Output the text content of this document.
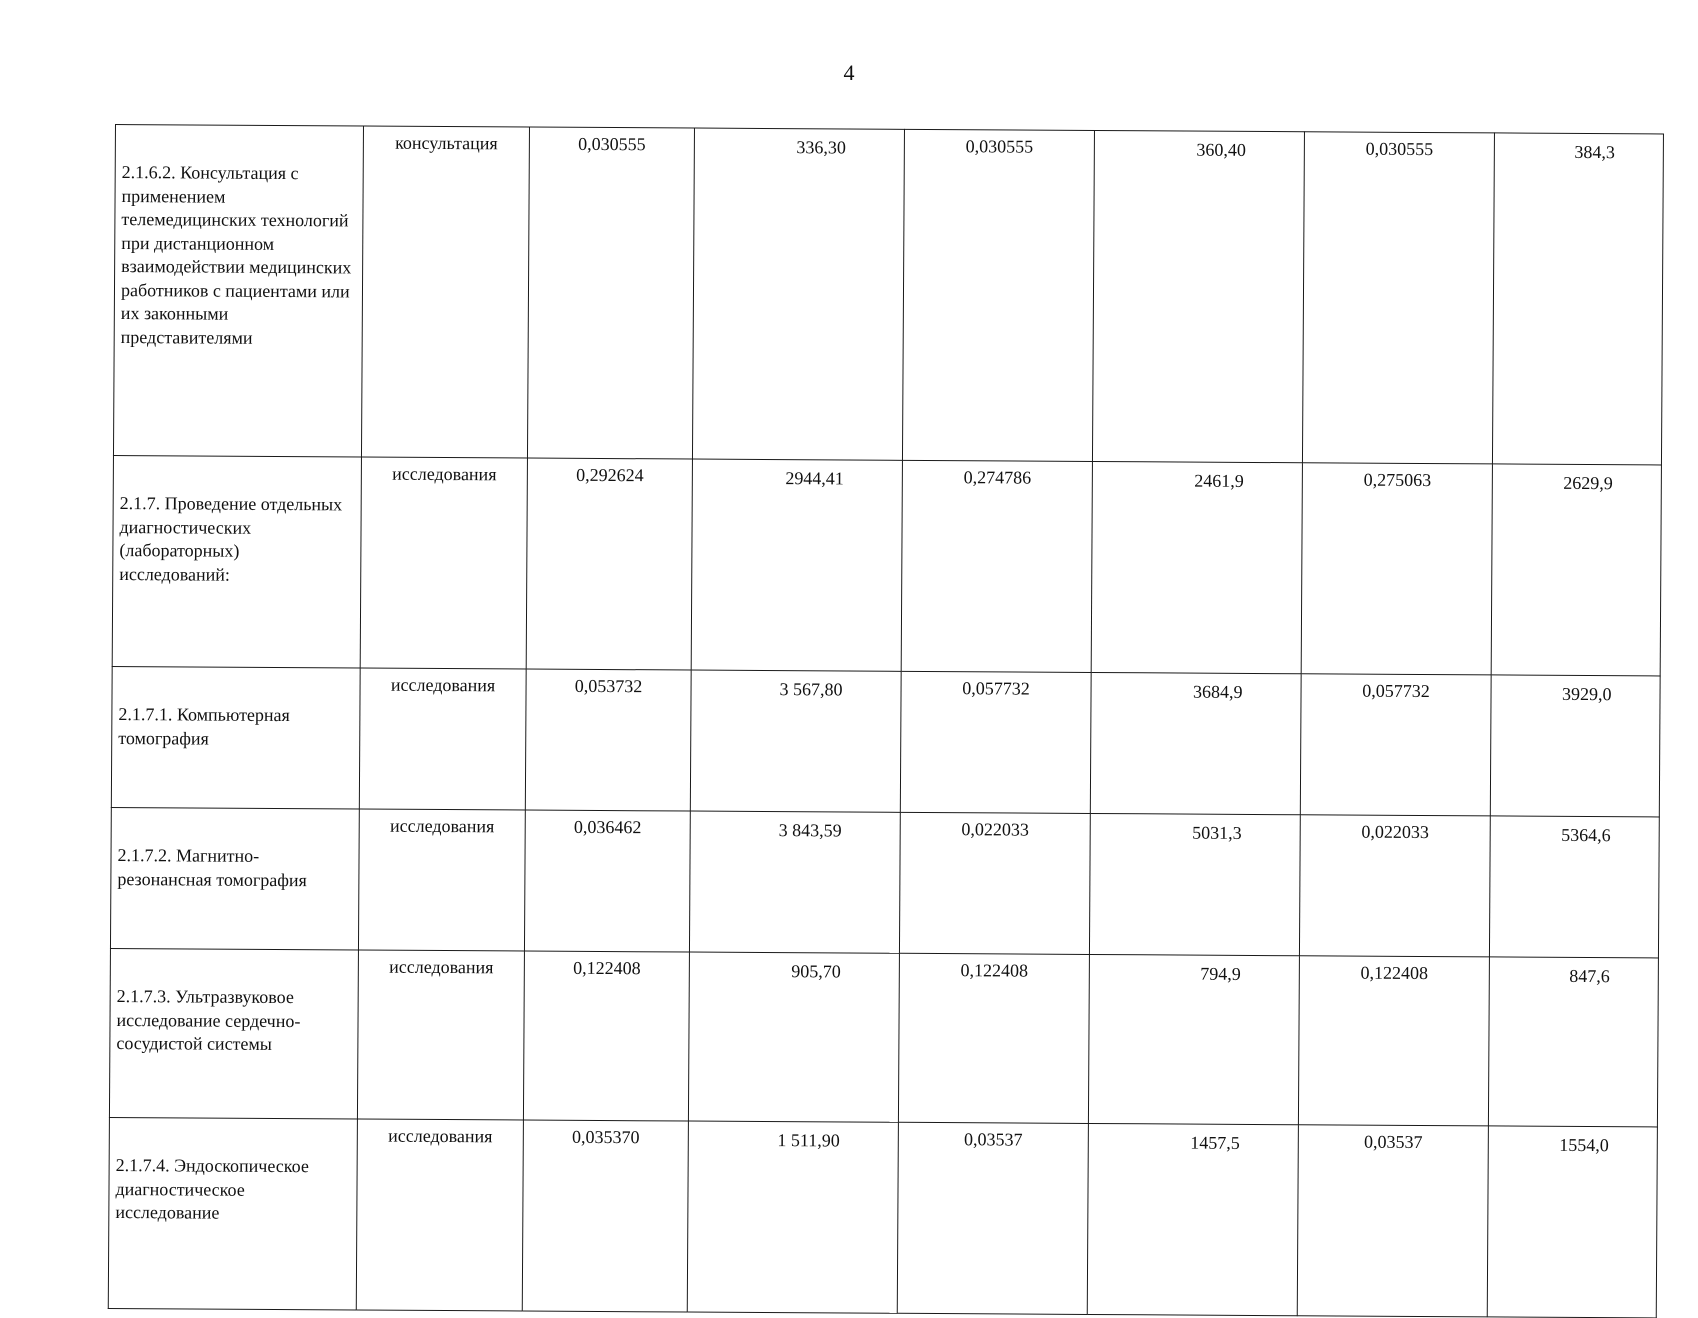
4
2.1.6.2. Консультация с применением телемедицинских технологий при дистанционном взаимодействии медицинских работников с пациентами или их законными представителями	консультация	0,030555	336,30	0,030555	360,40	0,030555	384,3
2.1.7. Проведение отдельных диагностических (лабораторных) исследований:	исследования	0,292624	2944,41	0,274786	2461,9	0,275063	2629,9
2.1.7.1. Компьютерная томография	исследования	0,053732	3 567,80	0,057732	3684,9	0,057732	3929,0
2.1.7.2. Магнитно-резонансная томография	исследования	0,036462	3 843,59	0,022033	5031,3	0,022033	5364,6
2.1.7.3. Ультразвуковое исследование сердечно-сосудистой системы	исследования	0,122408	905,70	0,122408	794,9	0,122408	847,6
2.1.7.4. Эндоскопическое диагностическое исследование	исследования	0,035370	1 511,90	0,03537	1457,5	0,03537	1554,0
